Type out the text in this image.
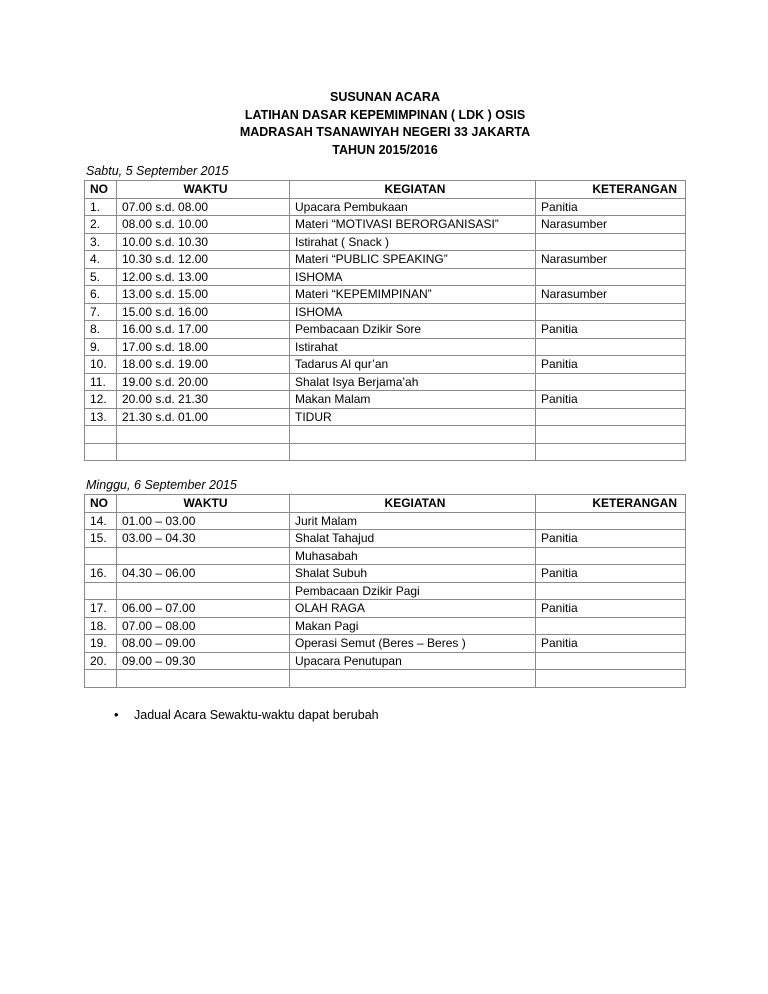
SUSUNAN ACARA
LATIHAN DASAR KEPEMIMPINAN ( LDK ) OSIS
MADRASAH TSANAWIYAH NEGERI 33 JAKARTA
TAHUN 2015/2016
Sabtu, 5 September 2015
NO	WAKTU	KEGIATAN	KETERANGAN
1.	07.00 s.d. 08.00	Upacara Pembukaan	Panitia
2.	08.00 s.d. 10.00	Materi “MOTIVASI BERORGANISASI”	Narasumber
3.	10.00 s.d. 10.30	Istirahat ( Snack )	
4.	10.30 s.d. 12.00	Materi “PUBLIC SPEAKING”	Narasumber
5.	12.00 s.d. 13.00	ISHOMA	
6.	13.00 s.d. 15.00	Materi “KEPEMIMPINAN”	Narasumber
7.	15.00 s.d. 16.00	ISHOMA	
8.	16.00 s.d. 17.00	Pembacaan Dzikir Sore	Panitia
9.	17.00 s.d. 18.00	Istirahat	
10.	18.00 s.d. 19.00	Tadarus Al qur’an	Panitia
11.	19.00 s.d. 20.00	Shalat Isya Berjama’ah	
12.	20.00 s.d. 21.30	Makan Malam	Panitia
13.	21.30 s.d. 01.00	TIDUR	

Minggu, 6 September 2015
NO	WAKTU	KEGIATAN	KETERANGAN
14.	01.00 – 03.00	Jurit Malam	
15.	03.00 – 04.30	Shalat Tahajud	Panitia
		Muhasabah	
16.	04.30 – 06.00	Shalat Subuh	Panitia
		Pembacaan Dzikir Pagi	
17.	06.00 – 07.00	OLAH RAGA	Panitia
18.	07.00 – 08.00	Makan Pagi	
19.	08.00 – 09.00	Operasi Semut (Beres – Beres )	Panitia
20.	09.00 – 09.30	Upacara Penutupan	

• Jadual Acara Sewaktu-waktu dapat berubah
